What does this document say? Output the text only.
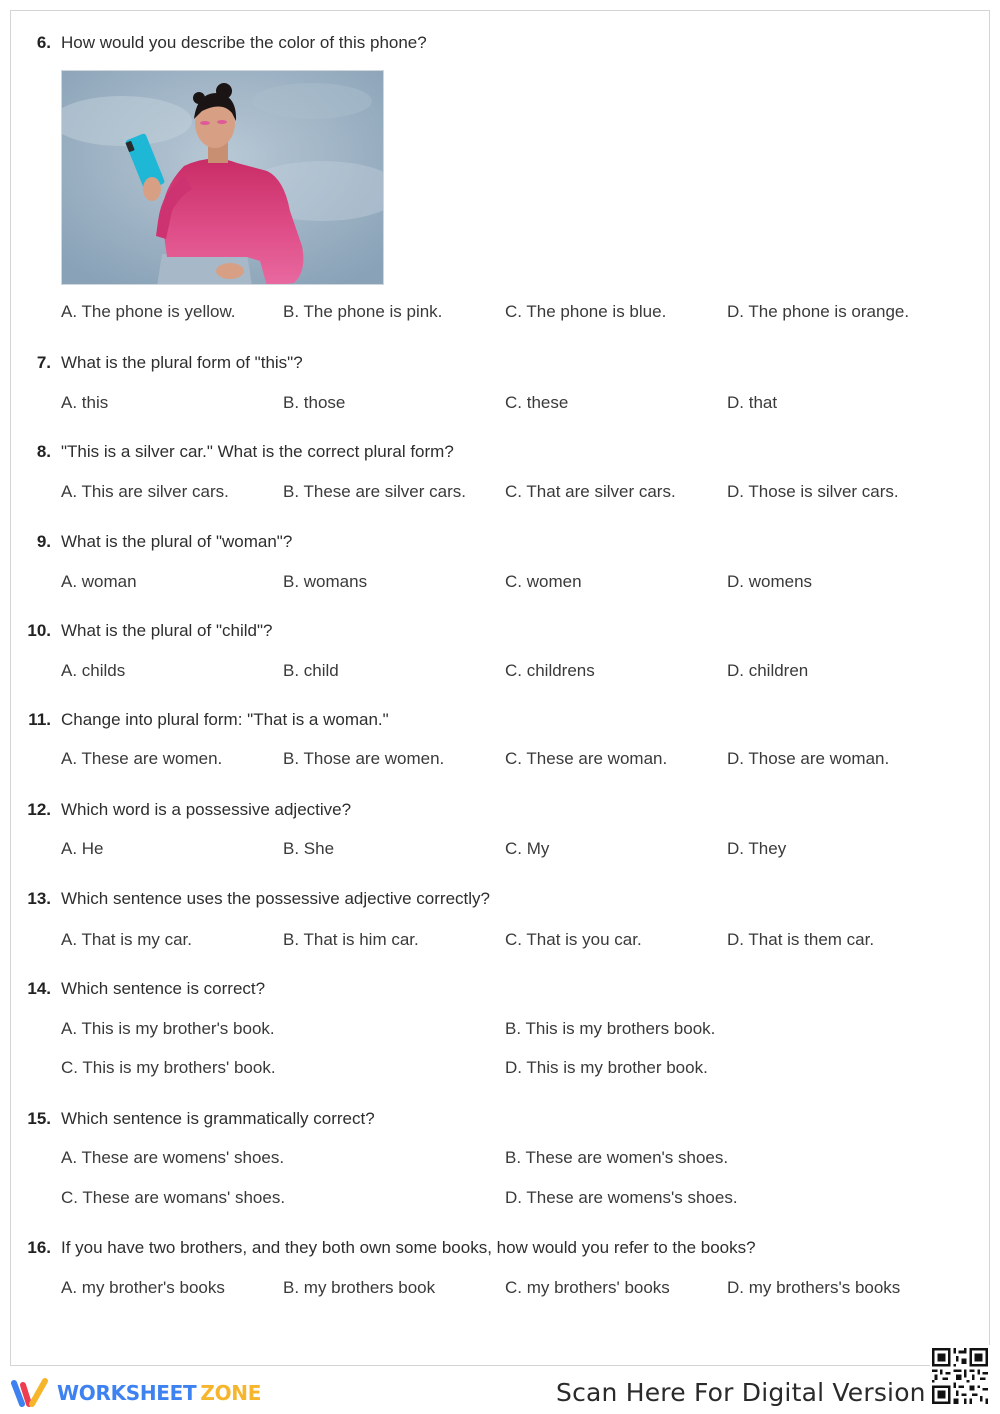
6. How would you describe the color of this phone?
A. The phone is yellow.	B. The phone is pink.	C. The phone is blue.	D. The phone is orange.
7. What is the plural form of "this"?
A. this	B. those	C. these	D. that
8. "This is a silver car." What is the correct plural form?
A. This are silver cars.	B. These are silver cars. C. That are silver cars.	D. Those is silver cars.
9. What is the plural of "woman"?
A. woman	B. womans	C. women	D. womens
10. What is the plural of "child"?
A. childs	B. child	C. childrens	D. children
11. Change into plural form: "That is a woman."
A. These are women.	B. Those are women.	C. These are woman.	D. Those are woman.
12. Which word is a possessive adjective?
A. He	B. She	C. My	D. They
13. Which sentence uses the possessive adjective correctly?
A. That is my car.	B. That is him car.	C. That is you car.	D. That is them car.
14. Which sentence is correct?
A. This is my brother's book.	B. This is my brothers book.
C. This is my brothers' book.	D. This is my brother book.
15. Which sentence is grammatically correct?
A. These are womens' shoes.	B. These are women's shoes.
C. These are womans' shoes.	D. These are womens's shoes.
16. If you have two brothers, and they both own some books, how would you refer to the books?
A. my brother's books	B. my brothers book	C. my brothers' books	D. my brothers's books
WORKSHEET ZONE	Scan Here For Digital Version
